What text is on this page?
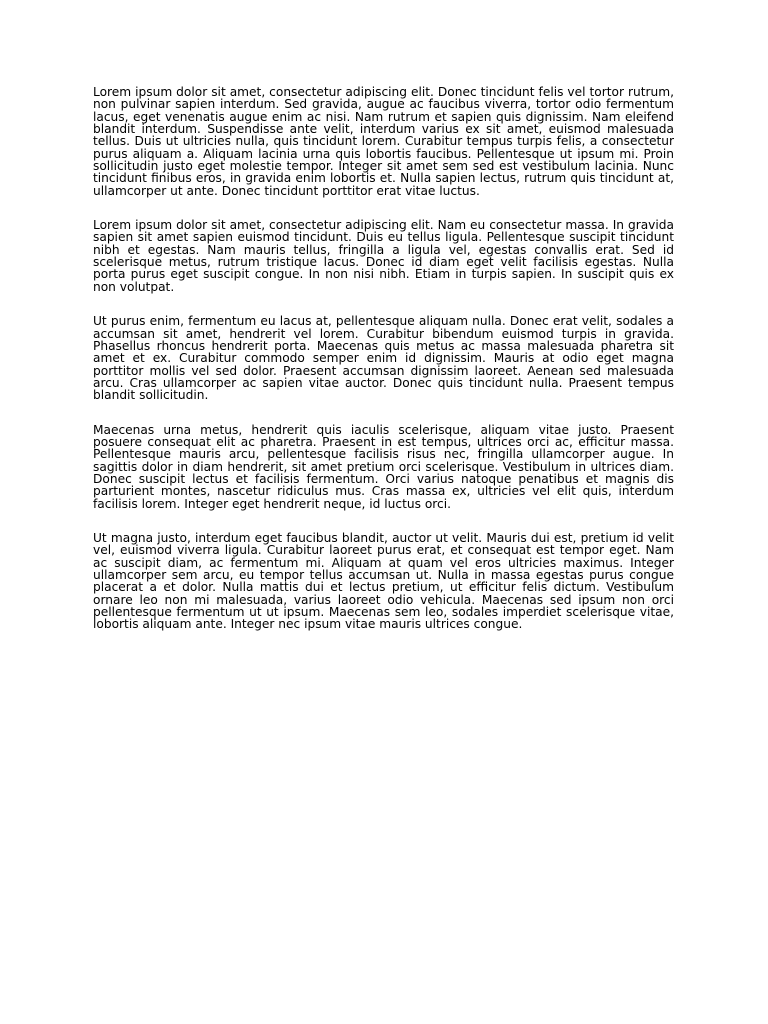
Lorem ipsum dolor sit amet, consectetur adipiscing elit. Donec tincidunt felis vel tortor rutrum, non pulvinar sapien interdum. Sed gravida, augue ac faucibus viverra, tortor odio fermentum lacus, eget venenatis augue enim ac nisi. Nam rutrum et sapien quis dignissim. Nam eleifend blandit interdum. Suspendisse ante velit, interdum varius ex sit amet, euismod malesuada tellus. Duis ut ultricies nulla, quis tincidunt lorem. Curabitur tempus turpis felis, a consectetur purus aliquam a. Aliquam lacinia urna quis lobortis faucibus. Pellentesque ut ipsum mi. Proin sollicitudin justo eget molestie tempor. Integer sit amet sem sed est vestibulum lacinia. Nunc tincidunt finibus eros, in gravida enim lobortis et. Nulla sapien lectus, rutrum quis tincidunt at, ullamcorper ut ante. Donec tincidunt porttitor erat vitae luctus.

Lorem ipsum dolor sit amet, consectetur adipiscing elit. Nam eu consectetur massa. In gravida sapien sit amet sapien euismod tincidunt. Duis eu tellus ligula. Pellentesque suscipit tincidunt nibh et egestas. Nam mauris tellus, fringilla a ligula vel, egestas convallis erat. Sed id scelerisque metus, rutrum tristique lacus. Donec id diam eget velit facilisis egestas. Nulla porta purus eget suscipit congue. In non nisi nibh. Etiam in turpis sapien. In suscipit quis ex non volutpat.

Ut purus enim, fermentum eu lacus at, pellentesque aliquam nulla. Donec erat velit, sodales a accumsan sit amet, hendrerit vel lorem. Curabitur bibendum euismod turpis in gravida. Phasellus rhoncus hendrerit porta. Maecenas quis metus ac massa malesuada pharetra sit amet et ex. Curabitur commodo semper enim id dignissim. Mauris at odio eget magna porttitor mollis vel sed dolor. Praesent accumsan dignissim laoreet. Aenean sed malesuada arcu. Cras ullamcorper ac sapien vitae auctor. Donec quis tincidunt nulla. Praesent tempus blandit sollicitudin.

Maecenas urna metus, hendrerit quis iaculis scelerisque, aliquam vitae justo. Praesent posuere consequat elit ac pharetra. Praesent in est tempus, ultrices orci ac, efficitur massa. Pellentesque mauris arcu, pellentesque facilisis risus nec, fringilla ullamcorper augue. In sagittis dolor in diam hendrerit, sit amet pretium orci scelerisque. Vestibulum in ultrices diam. Donec suscipit lectus et facilisis fermentum. Orci varius natoque penatibus et magnis dis parturient montes, nascetur ridiculus mus. Cras massa ex, ultricies vel elit quis, interdum facilisis lorem. Integer eget hendrerit neque, id luctus orci.

Ut magna justo, interdum eget faucibus blandit, auctor ut velit. Mauris dui est, pretium id velit vel, euismod viverra ligula. Curabitur laoreet purus erat, et consequat est tempor eget. Nam ac suscipit diam, ac fermentum mi. Aliquam at quam vel eros ultricies maximus. Integer ullamcorper sem arcu, eu tempor tellus accumsan ut. Nulla in massa egestas purus congue placerat a et dolor. Nulla mattis dui et lectus pretium, ut efficitur felis dictum. Vestibulum ornare leo non mi malesuada, varius laoreet odio vehicula. Maecenas sed ipsum non orci pellentesque fermentum ut ut ipsum. Maecenas sem leo, sodales imperdiet scelerisque vitae, lobortis aliquam ante. Integer nec ipsum vitae mauris ultrices congue.
